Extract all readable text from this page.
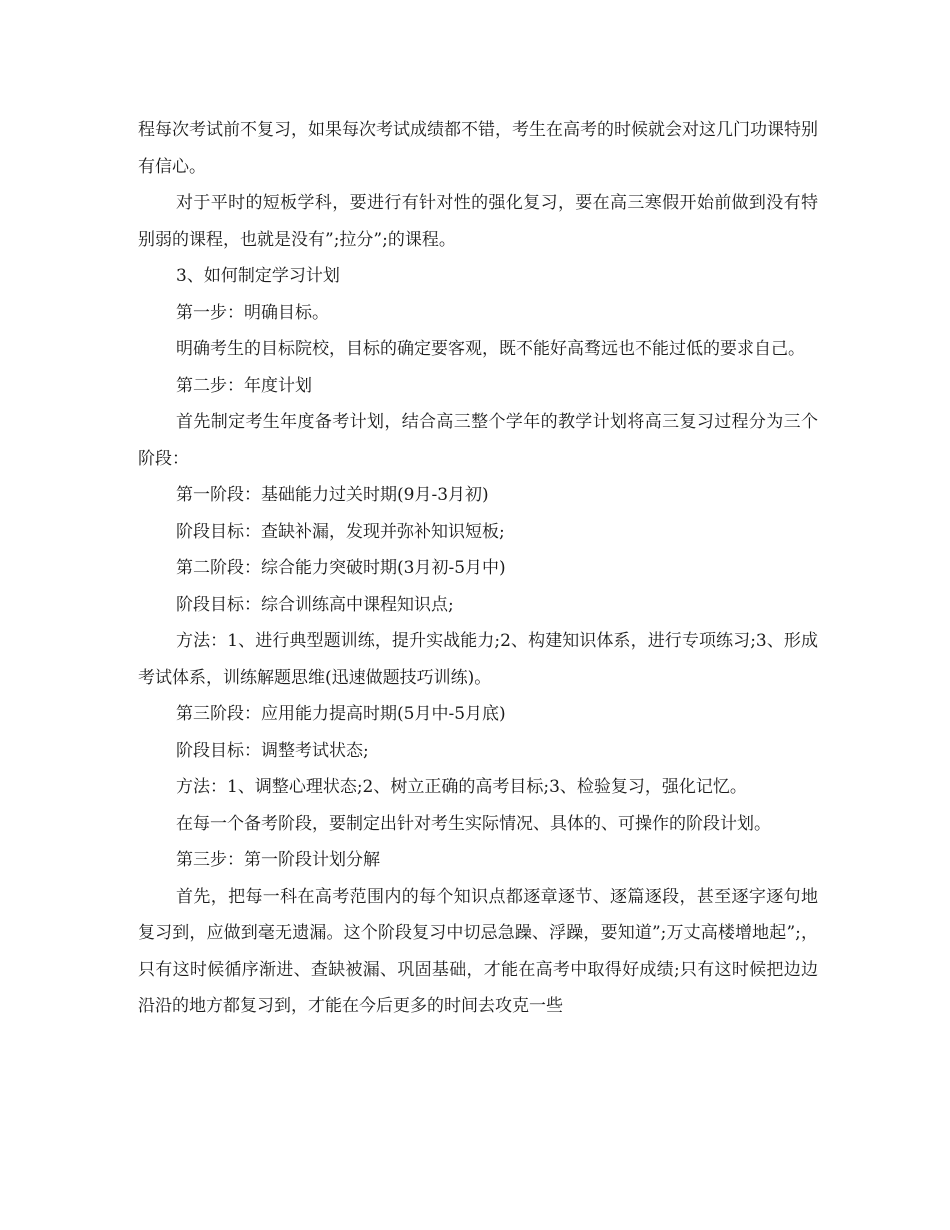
程每次考试前不复习，如果每次考试成绩都不错，考生在高考的时候就会对这几门功课特别有信心。

对于平时的短板学科，要进行有针对性的强化复习，要在高三寒假开始前做到没有特别弱的课程，也就是没有”;拉分”;的课程。

3、如何制定学习计划

第一步：明确目标。

明确考生的目标院校，目标的确定要客观，既不能好高骛远也不能过低的要求自己。

第二步：年度计划

首先制定考生年度备考计划，结合高三整个学年的教学计划将高三复习过程分为三个阶段：

第一阶段：基础能力过关时期(9月-3月初)

阶段目标：查缺补漏，发现并弥补知识短板;

第二阶段：综合能力突破时期(3月初-5月中)

阶段目标：综合训练高中课程知识点;

方法：1、进行典型题训练，提升实战能力;2、构建知识体系，进行专项练习;3、形成考试体系，训练解题思维(迅速做题技巧训练)。

第三阶段：应用能力提高时期(5月中-5月底)

阶段目标：调整考试状态;

方法：1、调整心理状态;2、树立正确的高考目标;3、检验复习，强化记忆。

在每一个备考阶段，要制定出针对考生实际情况、具体的、可操作的阶段计划。

第三步：第一阶段计划分解

首先，把每一科在高考范围内的每个知识点都逐章逐节、逐篇逐段，甚至逐字逐句地复习到，应做到毫无遗漏。这个阶段复习中切忌急躁、浮躁，要知道”;万丈高楼增地起”;，只有这时候循序渐进、查缺被漏、巩固基础，才能在高考中取得好成绩;只有这时候把边边沿沿的地方都复习到，才能在今后更多的时间去攻克一些
